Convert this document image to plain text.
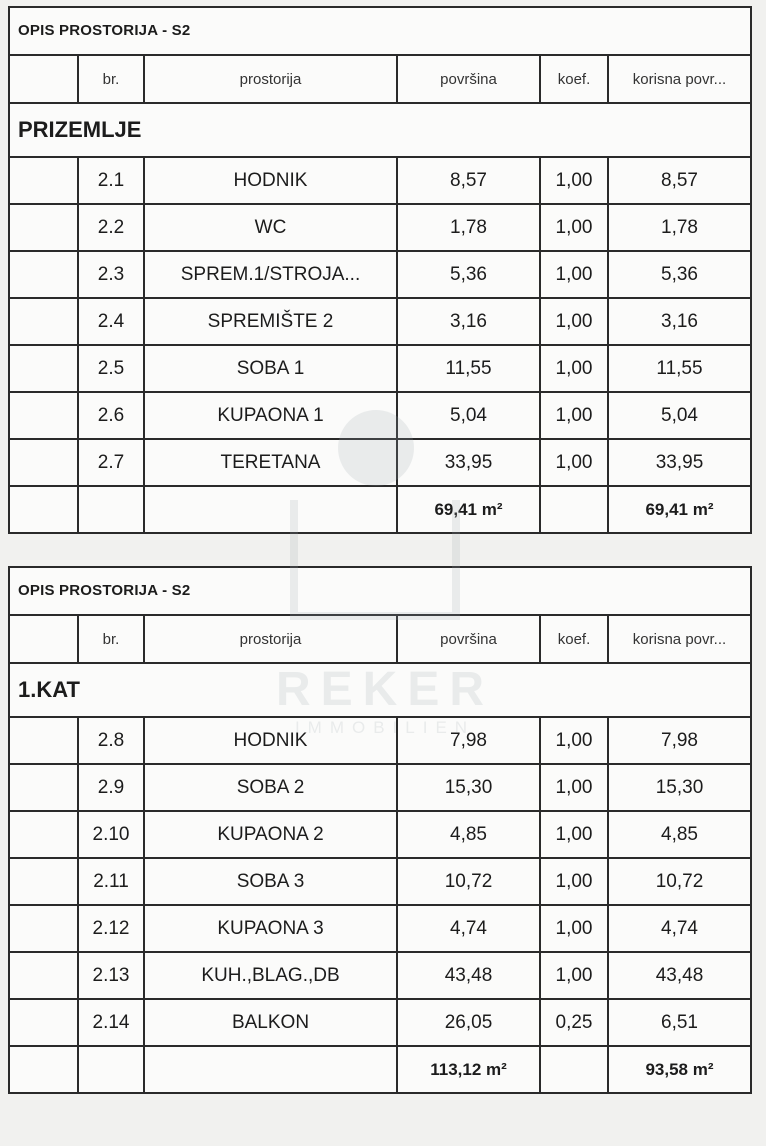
OPIS PROSTORIJA - S2
	br.	prostorija	površina	koef.	korisna povr...
PRIZEMLJE					
	2.1	HODNIK	8,57	1,00	8,57
	2.2	WC	1,78	1,00	1,78
	2.3	SPREM.1/STROJA...	5,36	1,00	5,36
	2.4	SPREMIŠTE 2	3,16	1,00	3,16
	2.5	SOBA 1	11,55	1,00	11,55
	2.6	KUPAONA 1	5,04	1,00	5,04
	2.7	TERETANA	33,95	1,00	33,95
			69,41 m²		69,41 m²
OPIS PROSTORIJA - S2
	br.	prostorija	površina	koef.	korisna povr...
1.KAT					
	2.8	HODNIK	7,98	1,00	7,98
	2.9	SOBA 2	15,30	1,00	15,30
	2.10	KUPAONA 2	4,85	1,00	4,85
	2.11	SOBA 3	10,72	1,00	10,72
	2.12	KUPAONA 3	4,74	1,00	4,74
	2.13	KUH.,BLAG.,DB	43,48	1,00	43,48
	2.14	BALKON	26,05	0,25	6,51
			113,12 m²		93,58 m²
